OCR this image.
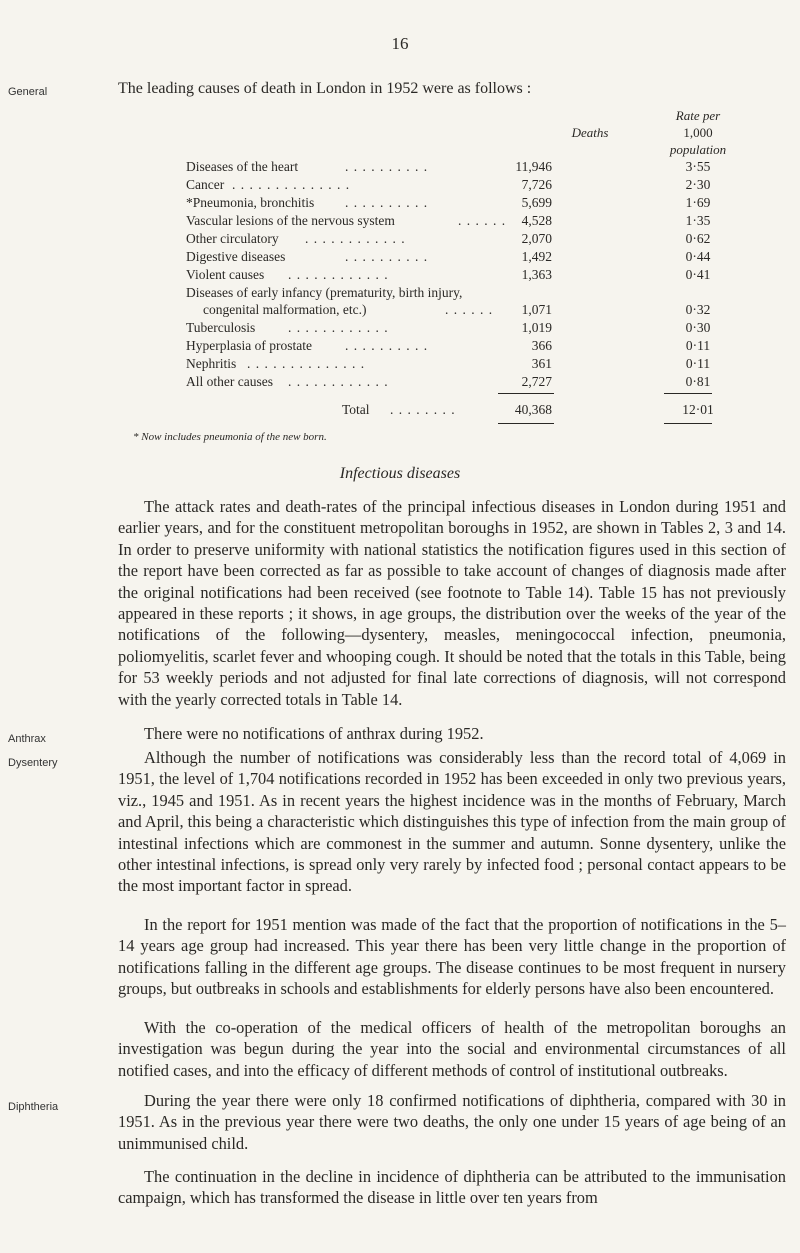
16
General
Anthrax
Dysentery
Diphtheria
The leading causes of death in London in 1952 were as follows :
Rate per
1,000
population
Deaths
Diseases of the heart	. . . . . . . . . .	11,946	3·55
Cancer . . . . . . . . . . . . . .	7,726	2·30
*Pneumonia, bronchitis . . . . . . . . . .	5,699	1·69
Vascular lesions of the nervous system	. . . . . . 4,528	1·35
Other circulatory . . . . . . . . . . . .	2,070	0·62
Digestive diseases	. . . . . . . . . .	1,492	0·44
Violent causes . . . . . . . . . . . .	1,363	0·41
Diseases of early infancy (prematurity, birth injury,
congenital malformation, etc.)	. . . . . . 1,071	0·32
Tuberculosis . . . . . . . . . . . .	1,019	0·30
Hyperplasia of prostate . . . . . . . . . .	366	0·11
Nephritis . . . . . . . . . . . . . .	361	0·11
All other causes . . . . . . . . . . . .	2,727	0·81
Total . . . . . . . .	40,368	12·01
* Now includes pneumonia of the new born.
Infectious diseases
The attack rates and death-rates of the principal infectious diseases in London during 1951 and earlier years, and for the constituent metropolitan boroughs in 1952, are shown in Tables 2, 3 and 14. In order to preserve uniformity with national statistics the notification figures used in this section of the report have been corrected as far as possible to take account of changes of diagnosis made after the original notifications had been received (see footnote to Table 14). Table 15 has not previously appeared in these reports ; it shows, in age groups, the distribution over the weeks of the year of the notifications of the following—dysentery, measles, meningococcal infection, pneumonia, poliomyelitis, scarlet fever and whooping cough. It should be noted that the totals in this Table, being for 53 weekly periods and not adjusted for final late corrections of diagnosis, will not correspond with the yearly corrected totals in Table 14.
There were no notifications of anthrax during 1952.
Although the number of notifications was considerably less than the record total of 4,069 in 1951, the level of 1,704 notifications recorded in 1952 has been exceeded in only two previous years, viz., 1945 and 1951. As in recent years the highest incidence was in the months of February, March and April, this being a characteristic which distinguishes this type of infection from the main group of intestinal infections which are commonest in the summer and autumn. Sonne dysentery, unlike the other intestinal infections, is spread only very rarely by infected food ; personal contact appears to be the most important factor in spread.
In the report for 1951 mention was made of the fact that the proportion of notifications in the 5–14 years age group had increased. This year there has been very little change in the proportion of notifications falling in the different age groups. The disease continues to be most frequent in nursery groups, but outbreaks in schools and establishments for elderly persons have also been encountered.
With the co-operation of the medical officers of health of the metropolitan boroughs an investigation was begun during the year into the social and environmental circumstances of all notified cases, and into the efficacy of different methods of control of institutional outbreaks.
During the year there were only 18 confirmed notifications of diphtheria, compared with 30 in 1951. As in the previous year there were two deaths, the only one under 15 years of age being of an unimmunised child.
The continuation in the decline in incidence of diphtheria can be attributed to the immunisation campaign, which has transformed the disease in little over ten years from
